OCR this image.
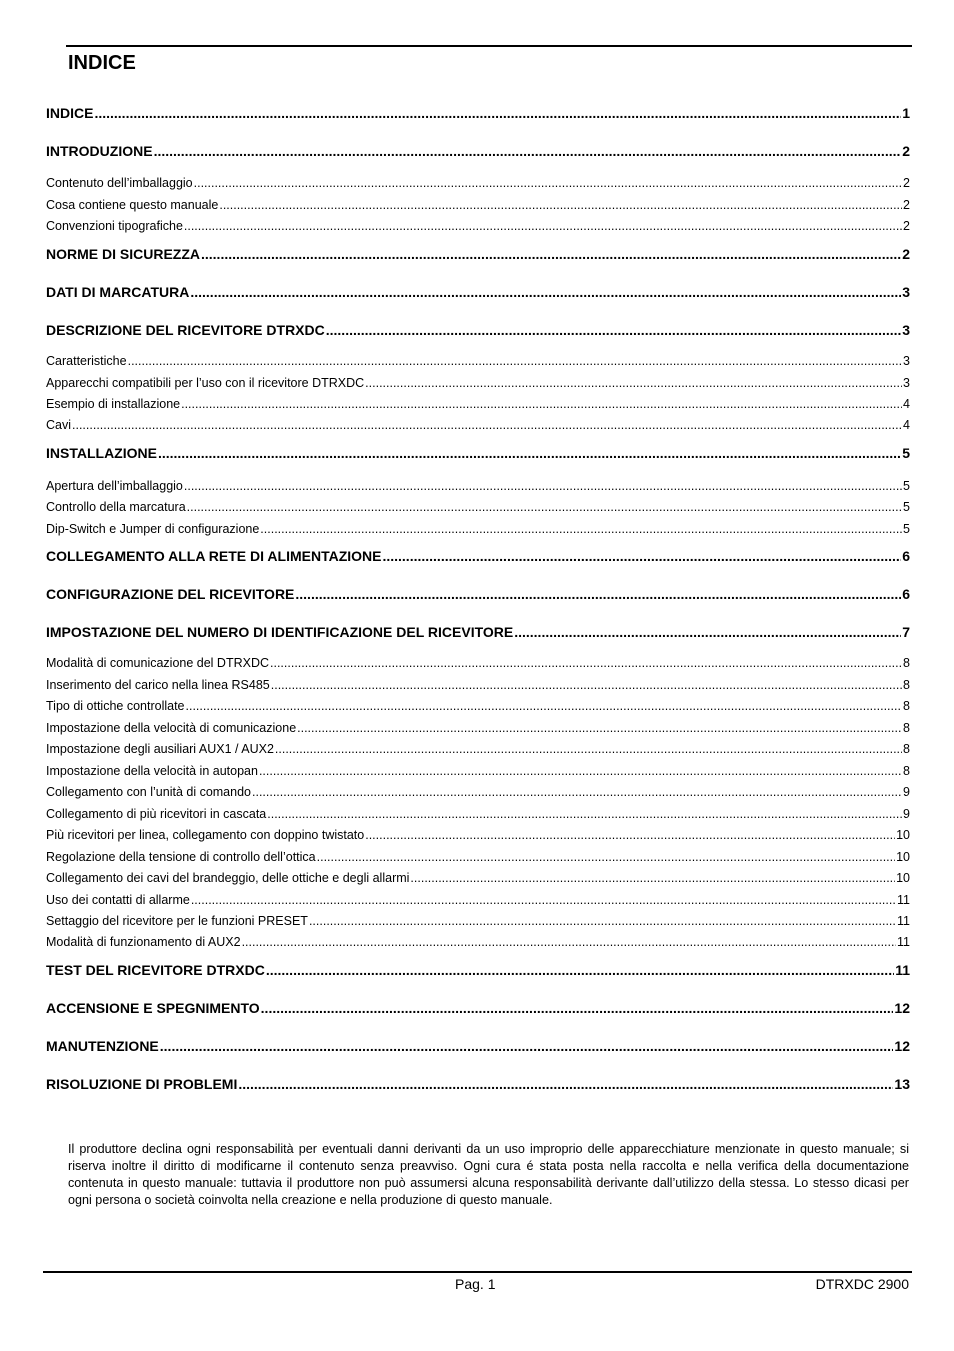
INDICE
INDICE .....	1
INTRODUZIONE .....	2
Contenuto dell’imballaggio .....	2
Cosa contiene questo manuale .....	2
Convenzioni tipografiche .....	2
NORME DI SICUREZZA .....	2
DATI DI MARCATURA .....	3
DESCRIZIONE DEL RICEVITORE DTRXDC .....	3
Caratteristiche .....	3
Apparecchi compatibili per l’uso con il ricevitore DTRXDC .....	3
Esempio di installazione .....	4
Cavi .....	4
INSTALLAZIONE .....	5
Apertura dell’imballaggio .....	5
Controllo della marcatura .....	5
Dip-Switch e Jumper di configurazione .....	5
COLLEGAMENTO ALLA RETE DI ALIMENTAZIONE .....	6
CONFIGURAZIONE DEL RICEVITORE .....	6
IMPOSTAZIONE DEL NUMERO DI IDENTIFICAZIONE DEL RICEVITORE .....	7
Modalità di comunicazione del DTRXDC .....	8
Inserimento del carico nella linea RS485 .....	8
Tipo di ottiche controllate .....	8
Impostazione della velocità di comunicazione .....	8
Impostazione degli ausiliari AUX1 / AUX2 .....	8
Impostazione della velocità in autopan .....	8
Collegamento con l’unità di comando .....	9
Collegamento di più ricevitori in cascata .....	9
Più ricevitori per linea, collegamento con doppino twistato .....	10
Regolazione della tensione di controllo dell’ottica .....	10
Collegamento dei cavi del brandeggio, delle ottiche e degli allarmi .....	10
Uso dei contatti di allarme .....	11
Settaggio del ricevitore per le funzioni PRESET .....	11
Modalità di funzionamento di AUX2 .....	11
TEST DEL RICEVITORE DTRXDC .....	11
ACCENSIONE E SPEGNIMENTO .....	12
MANUTENZIONE .....	12
RISOLUZIONE DI PROBLEMI .....	13

Il produttore declina ogni responsabilità per eventuali danni derivanti da un uso improprio delle apparecchiature menzionate in questo manuale; si riserva inoltre il diritto di modificarne il contenuto senza preavviso. Ogni cura é stata posta nella raccolta e nella verifica della documentazione contenuta in questo manuale: tuttavia il produttore non può assumersi alcuna responsabilità derivante dall’utilizzo della stessa. Lo stesso dicasi per ogni persona o società coinvolta nella creazione e nella produzione di questo manuale.

Pag. 1	DTRXDC 2900
